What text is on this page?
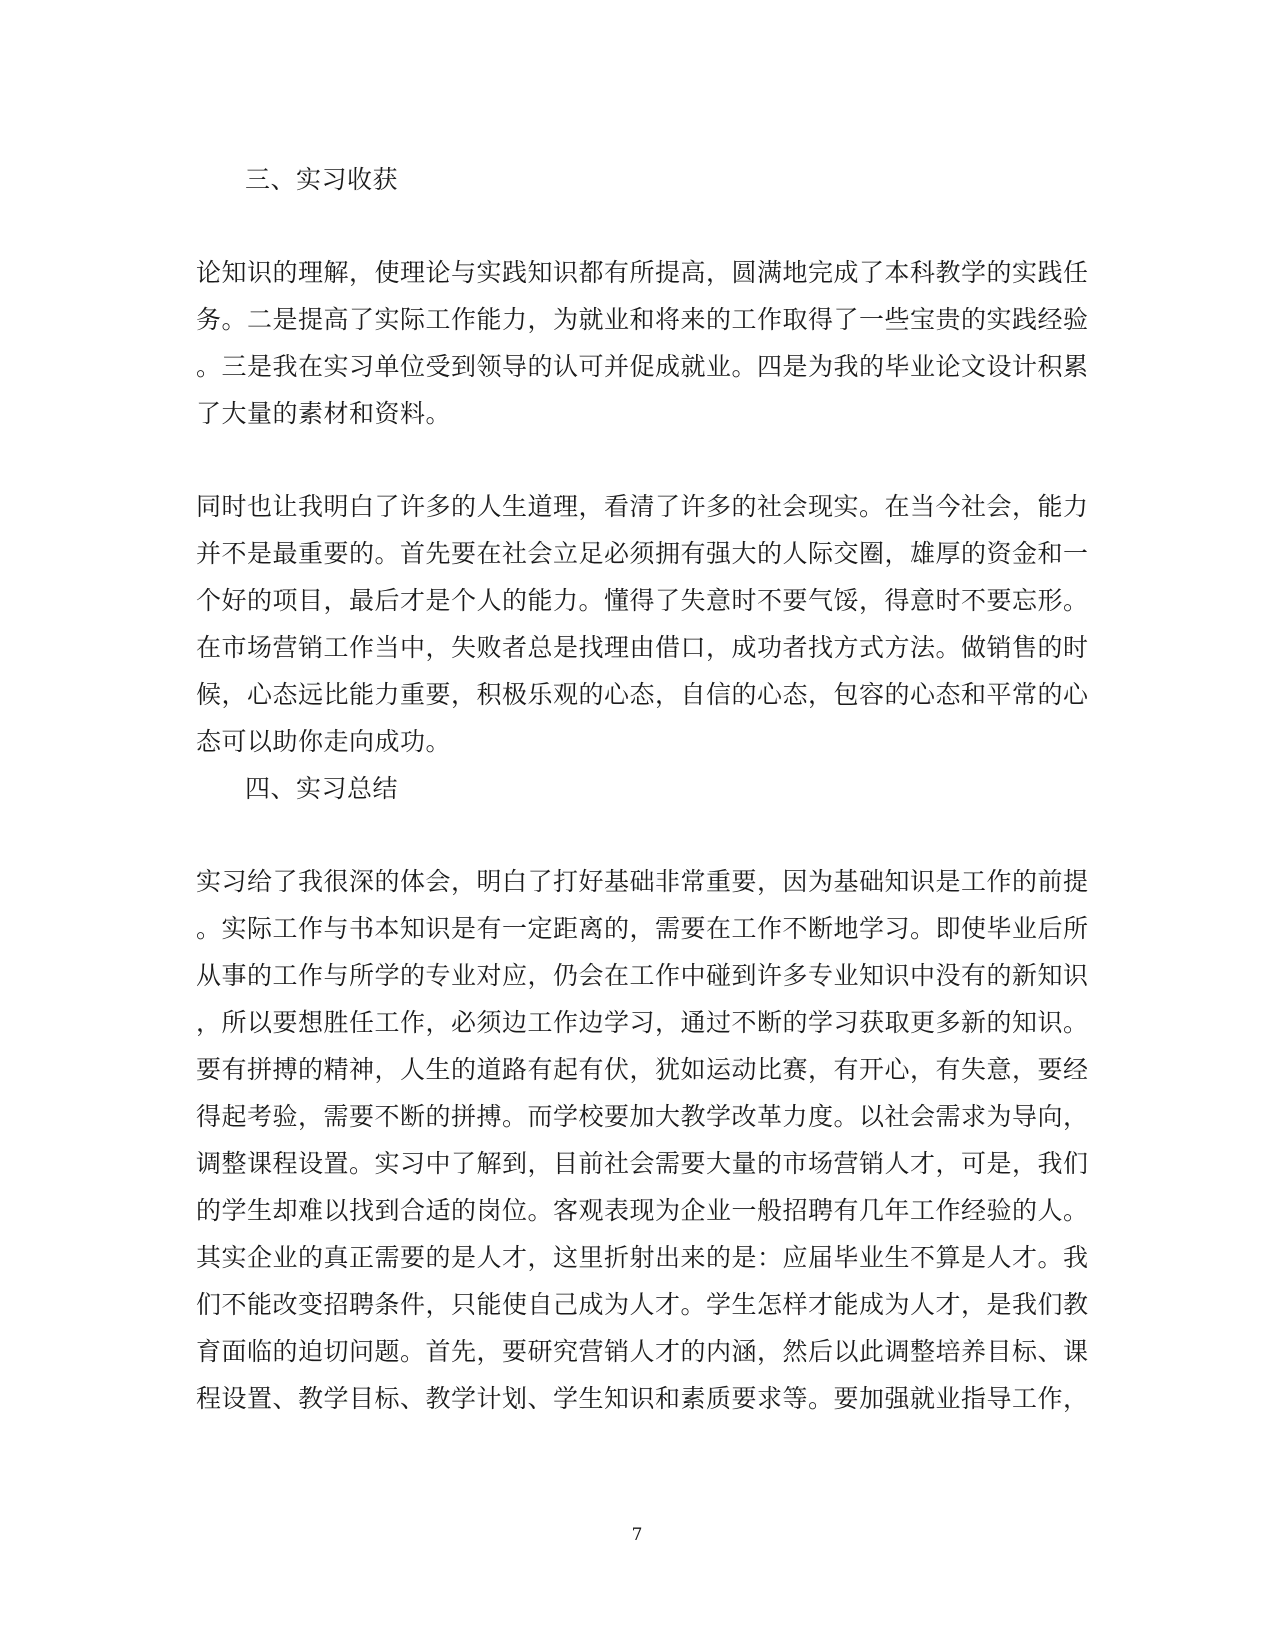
三、实习收获
论知识的理解，使理论与实践知识都有所提高，圆满地完成了本科教学的实践任
务。二是提高了实际工作能力，为就业和将来的工作取得了一些宝贵的实践经验
。三是我在实习单位受到领导的认可并促成就业。四是为我的毕业论文设计积累
了大量的素材和资料。
同时也让我明白了许多的人生道理，看清了许多的社会现实。在当今社会，能力
并不是最重要的。首先要在社会立足必须拥有强大的人际交圈，雄厚的资金和一
个好的项目，最后才是个人的能力。懂得了失意时不要气馁，得意时不要忘形。
在市场营销工作当中，失败者总是找理由借口，成功者找方式方法。做销售的时
候，心态远比能力重要，积极乐观的心态，自信的心态，包容的心态和平常的心
态可以助你走向成功。
四、实习总结
实习给了我很深的体会，明白了打好基础非常重要，因为基础知识是工作的前提
。实际工作与书本知识是有一定距离的，需要在工作不断地学习。即使毕业后所
从事的工作与所学的专业对应，仍会在工作中碰到许多专业知识中没有的新知识
，所以要想胜任工作，必须边工作边学习，通过不断的学习获取更多新的知识。
要有拼搏的精神，人生的道路有起有伏，犹如运动比赛，有开心，有失意，要经
得起考验，需要不断的拼搏。而学校要加大教学改革力度。以社会需求为导向，
调整课程设置。实习中了解到，目前社会需要大量的市场营销人才，可是，我们
的学生却难以找到合适的岗位。客观表现为企业一般招聘有几年工作经验的人。
其实企业的真正需要的是人才，这里折射出来的是：应届毕业生不算是人才。我
们不能改变招聘条件，只能使自己成为人才。学生怎样才能成为人才，是我们教
育面临的迫切问题。首先，要研究营销人才的内涵，然后以此调整培养目标、课
程设置、教学目标、教学计划、学生知识和素质要求等。要加强就业指导工作，
7
